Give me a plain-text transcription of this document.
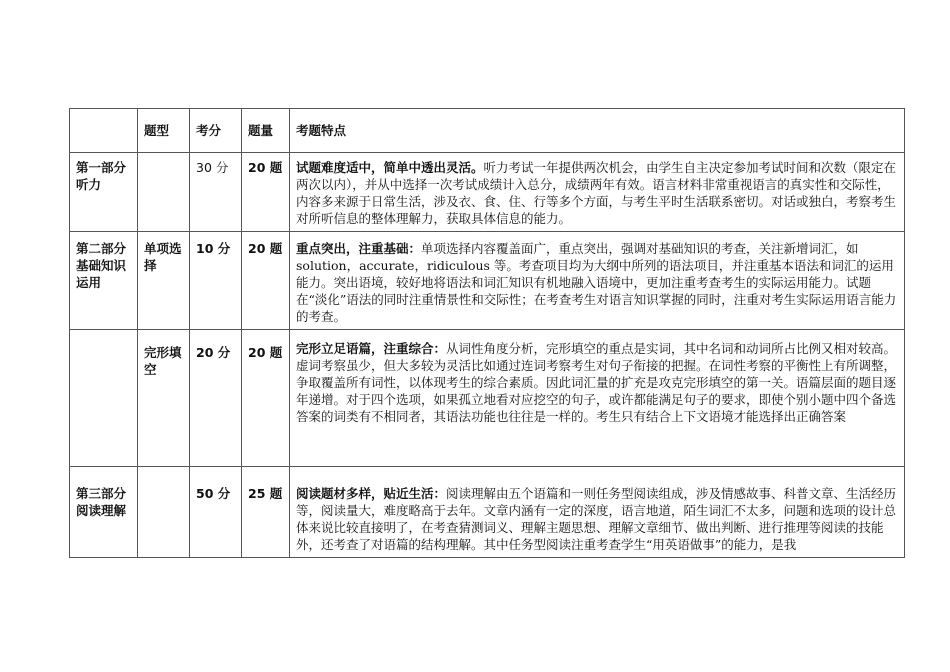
	题型	考分	题量	考题特点
第一部分听力		30 分	20 题	试题难度适中，简单中透出灵活。听力考试一年提供两次机会，由学生自主决定参加考试时间和次数（限定在两次以内），并从中选择一次考试成绩计入总分，成绩两年有效。语言材料非常重视语言的真实性和交际性，内容多来源于日常生活，涉及衣、食、住、行等多个方面，与考生平时生活联系密切。对话或独白，考察考生对所听信息的整体理解力，获取具体信息的能力。
第二部分基础知识运用	单项选择	10 分	20 题	重点突出，注重基础：单项选择内容覆盖面广，重点突出，强调对基础知识的考查，关注新增词汇，如 solution，accurate，ridiculous 等。考查项目均为大纲中所列的语法项目，并注重基本语法和词汇的运用能力。突出语境，较好地将语法和词汇知识有机地融入语境中，更加注重考查考生的实际运用能力。试题在“淡化”语法的同时注重情景性和交际性；在考查考生对语言知识掌握的同时，注重对考生实际运用语言能力的考查。
	完形填空	20 分	20 题	完形立足语篇，注重综合：从词性角度分析，完形填空的重点是实词，其中名词和动词所占比例又相对较高。虚词考察虽少，但大多较为灵活比如通过连词考察考生对句子衔接的把握。在词性考察的平衡性上有所调整，争取覆盖所有词性，以体现考生的综合素质。因此词汇量的扩充是攻克完形填空的第一关。语篇层面的题目逐年递增。对于四个选项，如果孤立地看对应挖空的句子，或许都能满足句子的要求，即使个别小题中四个备选答案的词类有不相同者，其语法功能也往往是一样的。考生只有结合上下文语境才能选择出正确答案
第三部分阅读理解		50 分	25 题	阅读题材多样，贴近生活：阅读理解由五个语篇和一则任务型阅读组成，涉及情感故事、科普文章、生活经历等，阅读量大，难度略高于去年。文章内涵有一定的深度，语言地道，陌生词汇不太多，问题和选项的设计总体来说比较直接明了，在考查猜测词义、理解主题思想、理解文章细节、做出判断、进行推理等阅读的技能外，还考查了对语篇的结构理解。其中任务型阅读注重考查学生“用英语做事”的能力，是我
